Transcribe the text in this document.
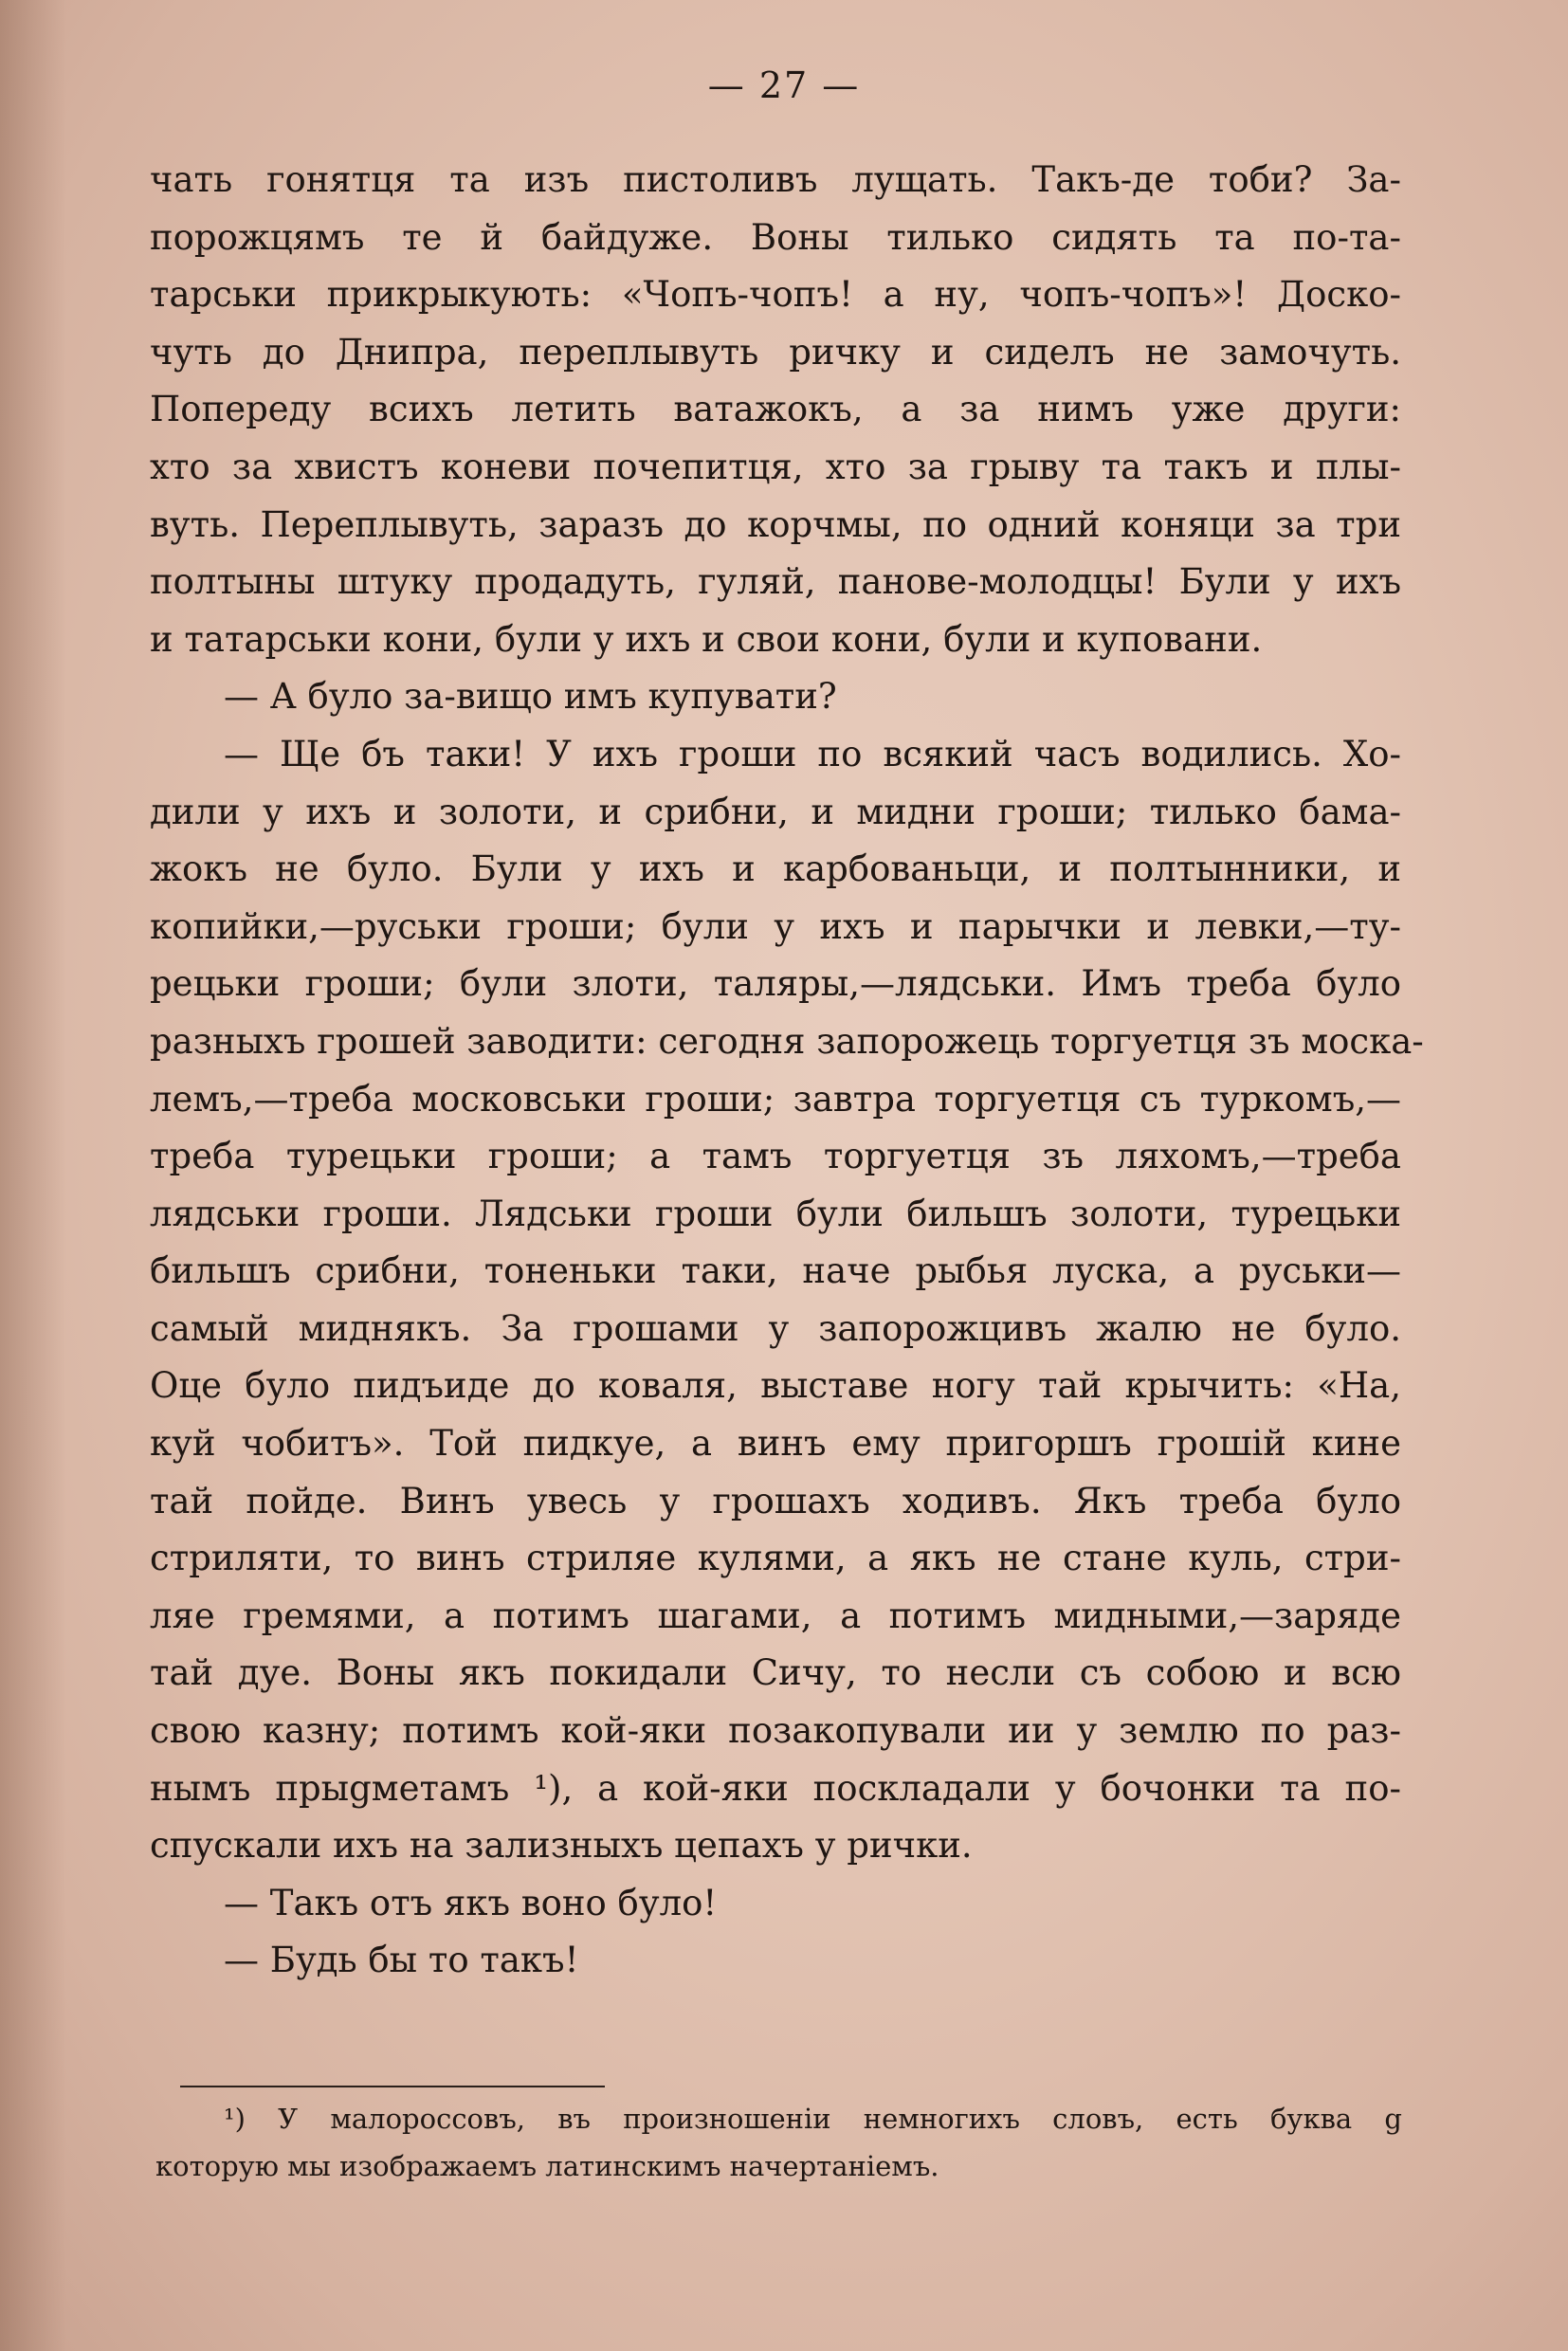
— 27 —
чать гонятця та изъ пистоливъ лущать. Такъ-де тоби? За-
порожцямъ те й байдуже. Воны тилько сидять та по-та-
тарськи прикрыкують: «Чопъ-чопъ! а ну, чопъ-чопъ»! Доско-
чуть до Днипра, переплывуть ричку и сиделъ не замочуть.
Попереду всихъ летить ватажокъ, а за нимъ уже други:
хто за хвистъ коневи почепитця, хто за грыву та такъ и плы-
вуть. Переплывуть, заразъ до корчмы, по одний коняци за три
полтыны штуку продадуть, гуляй, панове-молодцы! Були у ихъ
и татарськи кони, були у ихъ и свои кони, були и куповани.
— А було за-вищо имъ купувати?
— Ще бъ таки! У ихъ гроши по всякий часъ водились. Хо-
дили у ихъ и золоти, и срибни, и мидни гроши; тилько бама-
жокъ не було. Були у ихъ и карбованьци, и полтынники, и
копийки,—руськи гроши; були у ихъ и парычки и левки,—ту-
рецьки гроши; були злоти, таляры,—лядськи. Имъ треба було
разныхъ грошей заводити: сегодня запорожець торгуетця зъ моска-
лемъ,—треба московськи гроши; завтра торгуетця съ туркомъ,—
треба турецьки гроши; а тамъ торгуетця зъ ляхомъ,—треба
лядськи гроши. Лядськи гроши були бильшъ золоти, турецьки
бильшъ срибни, тоненьки таки, наче рыбья луска, а руськи—
самый миднякъ. За грошами у запорожцивъ жалю не було.
Оце було пидъиде до коваля, выставе ногу тай крычить: «На,
куй чобитъ». Той пидкуе, а винъ ему пригоршъ грошій кине
тай пойде. Винъ увесь у грошахъ ходивъ. Якъ треба було
стриляти, то винъ стриляе кулями, а якъ не стане куль, стри-
ляе гремями, а потимъ шагами, а потимъ мидными,—заряде
тай дуе. Воны якъ покидали Сичу, то несли съ собою и всю
свою казну; потимъ кой-яки позакопували ии у землю по раз-
нымъ прыgметамъ ¹), а кой-яки поскладали у бочонки та по-
спускали ихъ на зализныхъ цепахъ у рички.
— Такъ отъ якъ воно було!
— Будь бы то такъ!
¹) У малороссовъ, въ произношеніи немногихъ словъ, есть буква g
которую мы изображаемъ латинскимъ начертаніемъ.
